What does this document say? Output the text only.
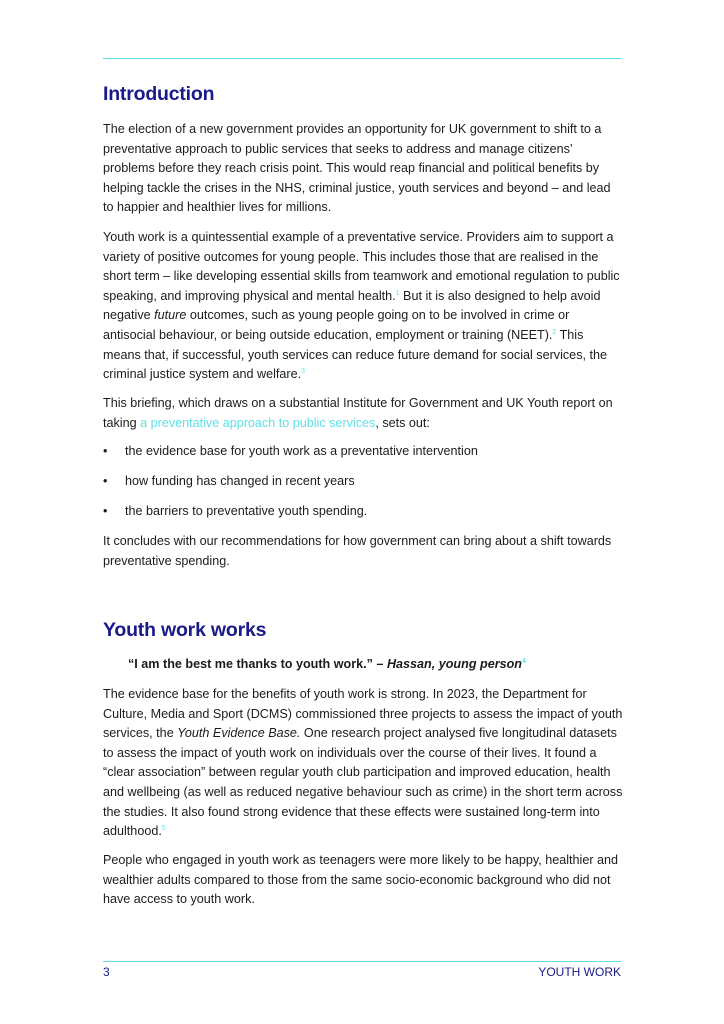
Introduction

The election of a new government provides an opportunity for UK government to shift to a preventative approach to public services that seeks to address and manage citizens’ problems before they reach crisis point. This would reap financial and political benefits by helping tackle the crises in the NHS, criminal justice, youth services and beyond – and lead to happier and healthier lives for millions.

Youth work is a quintessential example of a preventative service. Providers aim to support a variety of positive outcomes for young people. This includes those that are realised in the short term – like developing essential skills from teamwork and emotional regulation to public speaking, and improving physical and mental health.$^1$ But it is also designed to help avoid negative future outcomes, such as young people going on to be involved in crime or antisocial behaviour, or being outside education, employment or training (NEET).$^2$ This means that, if successful, youth services can reduce future demand for social services, the criminal justice system and welfare.$^3$

This briefing, which draws on a substantial Institute for Government and UK Youth report on taking a preventative approach to public services, sets out:

• the evidence base for youth work as a preventative intervention
• how funding has changed in recent years
• the barriers to preventative youth spending.

It concludes with our recommendations for how government can bring about a shift towards preventative spending.

Youth work works
“I am the best me thanks to youth work.” – Hassan, young person$^4$

The evidence base for the benefits of youth work is strong. In 2023, the Department for Culture, Media and Sport (DCMS) commissioned three projects to assess the impact of youth services, the Youth Evidence Base. One research project analysed five longitudinal datasets to assess the impact of youth work on individuals over the course of their lives. It found a “clear association” between regular youth club participation and improved education, health and wellbeing (as well as reduced negative behaviour such as crime) in the short term across the studies. It also found strong evidence that these effects were sustained long-term into adulthood.$^5$

People who engaged in youth work as teenagers were more likely to be happy, healthier and wealthier adults compared to those from the same socio-economic background who did not have access to youth work.

3	YOUTH WORK
